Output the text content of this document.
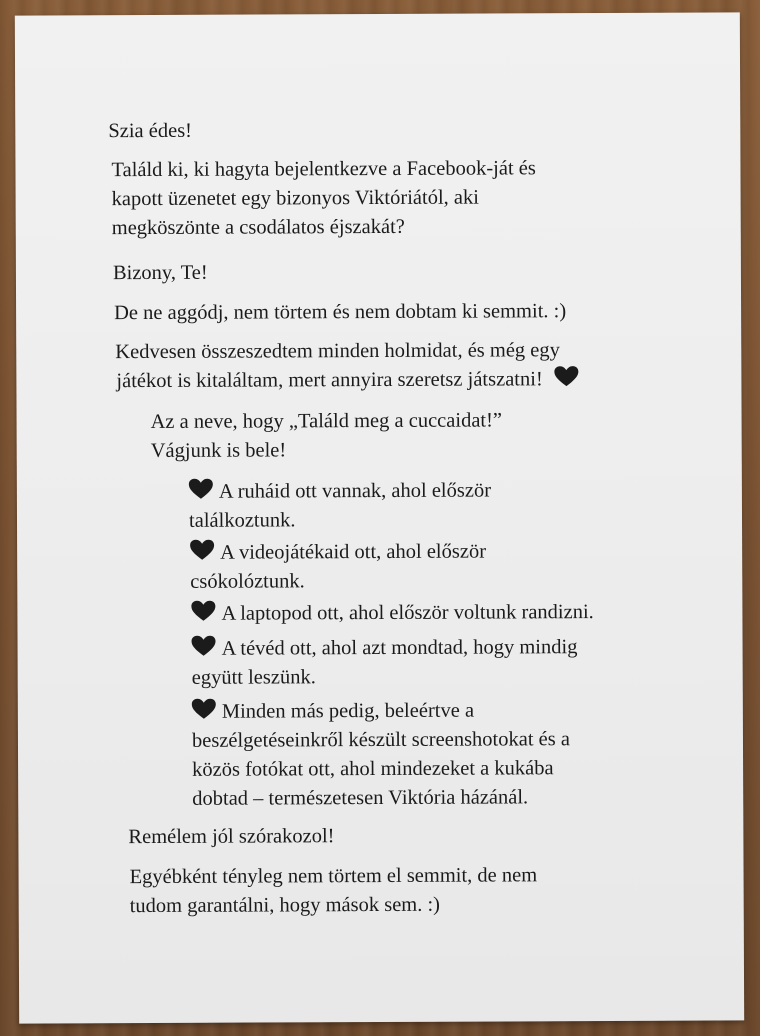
Szia édes!

Találd ki, ki hagyta bejelentkezve a Facebook-ját és

kapott üzenetet egy bizonyos Viktóriától, aki

megköszönte a csodálatos éjszakát?

Bizony, Te!

De ne aggódj, nem törtem és nem dobtam ki semmit. :)

Kedvesen összeszedtem minden holmidat, és még egy

játékot is kitaláltam, mert annyira szeretsz játszatni!

Az a neve, hogy „Találd meg a cuccaidat!”

Vágjunk is bele!

A ruháid ott vannak, ahol először

találkoztunk.

A videojátékaid ott, ahol először

csókolóztunk.

A laptopod ott, ahol először voltunk randizni.
A tévéd ott, ahol azt mondtad, hogy mindig

együtt leszünk.

Minden más pedig, beleértve a

beszélgetéseinkről készült screenshotokat és a

közös fotókat ott, ahol mindezeket a kukába

dobtad – természetesen Viktória házánál.

Remélem jól szórakozol!

Egyébként tényleg nem törtem el semmit, de nem

tudom garantálni, hogy mások sem. :)
